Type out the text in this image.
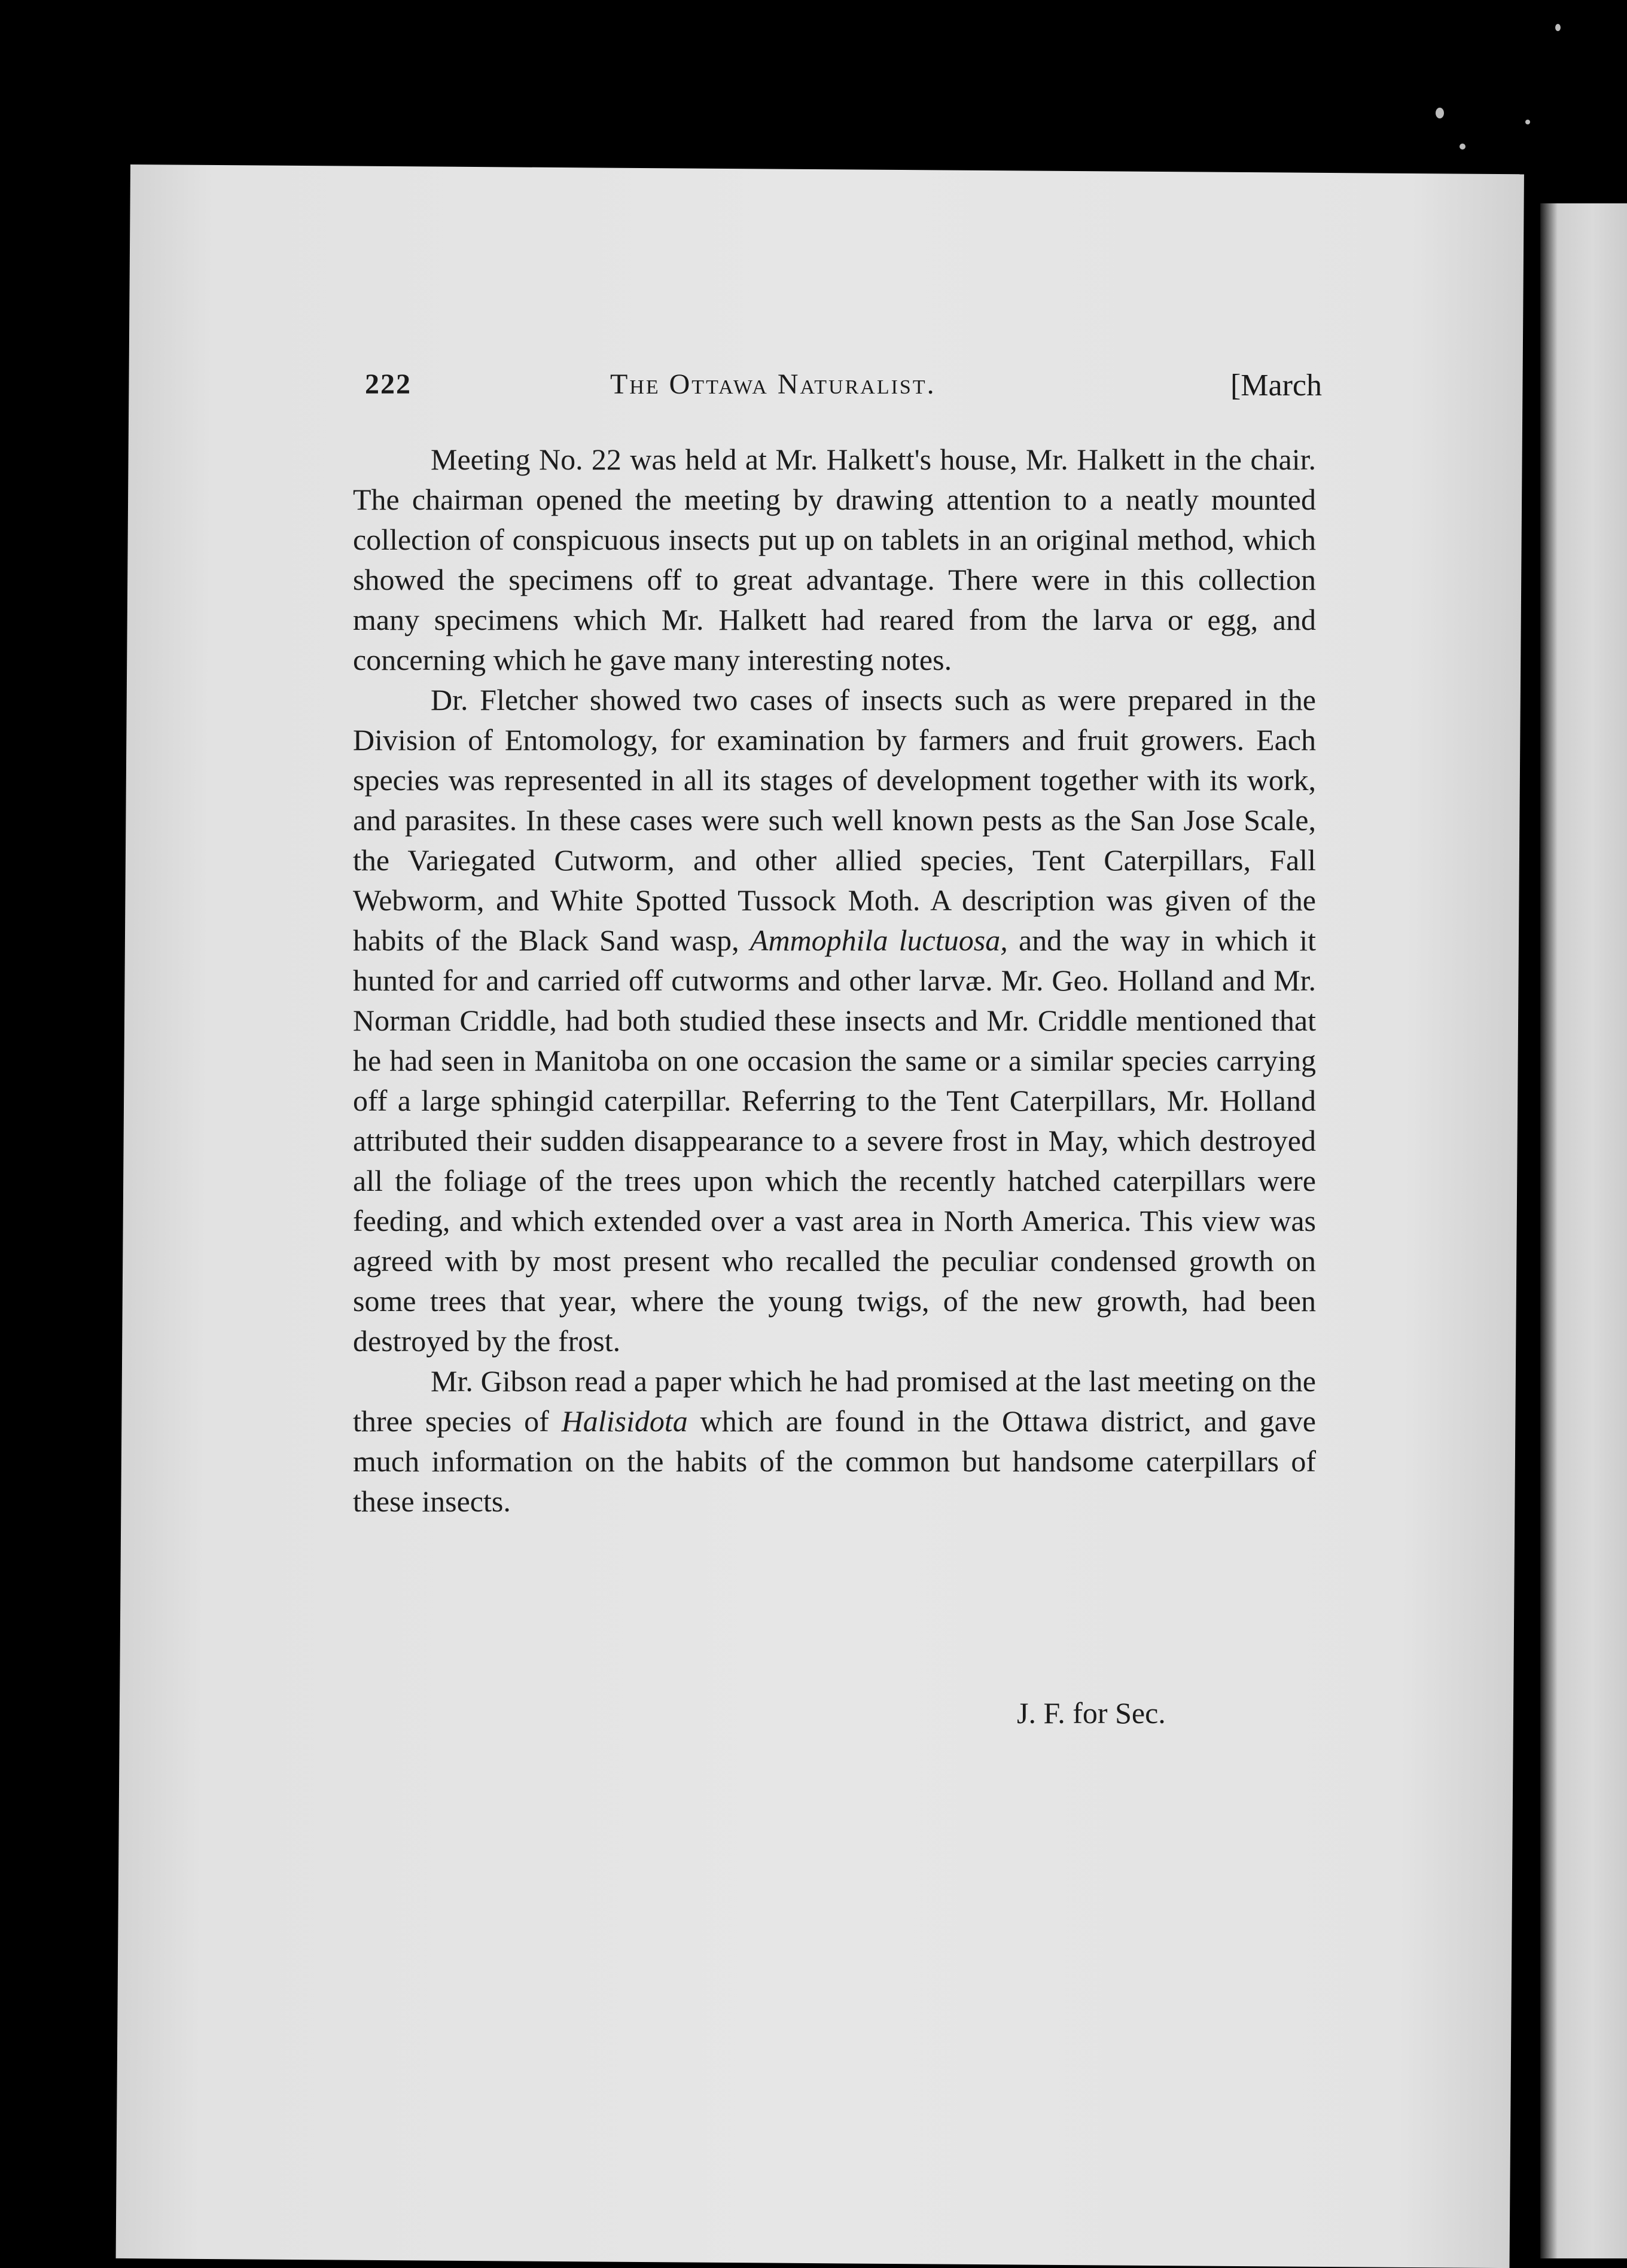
222	The Ottawa Naturalist.	[March

Meeting No. 22 was held at Mr. Halkett's house, Mr. Halkett in the chair. The chairman opened the meeting by drawing attention to a neatly mounted collection of conspicuous insects put up on tablets in an original method, which showed the specimens off to great advantage. There were in this collection many specimens which Mr. Halkett had reared from the larva or egg, and concerning which he gave many interesting notes.

Dr. Fletcher showed two cases of insects such as were prepared in the Division of Entomology, for examination by farmers and fruit growers. Each species was represented in all its stages of development together with its work, and parasites. In these cases were such well known pests as the San Jose Scale, the Variegated Cutworm, and other allied species, Tent Caterpillars, Fall Webworm, and White Spotted Tussock Moth. A description was given of the habits of the Black Sand wasp, Ammophila luctuosa, and the way in which it hunted for and carried off cutworms and other larvæ. Mr. Geo. Holland and Mr. Norman Criddle, had both studied these insects and Mr. Criddle mentioned that he had seen in Manitoba on one occasion the same or a similar species carrying off a large sphingid caterpillar. Referring to the Tent Caterpillars, Mr. Holland attributed their sudden disappearance to a severe frost in May, which destroyed all the foliage of the trees upon which the recently hatched caterpillars were feeding, and which extended over a vast area in North America. This view was agreed with by most present who recalled the peculiar condensed growth on some trees that year, where the young twigs, of the new growth, had been destroyed by the frost.

Mr. Gibson read a paper which he had promised at the last meeting on the three species of Halisidota which are found in the Ottawa district, and gave much information on the habits of the common but handsome caterpillars of these insects.

J. F. for Sec.
